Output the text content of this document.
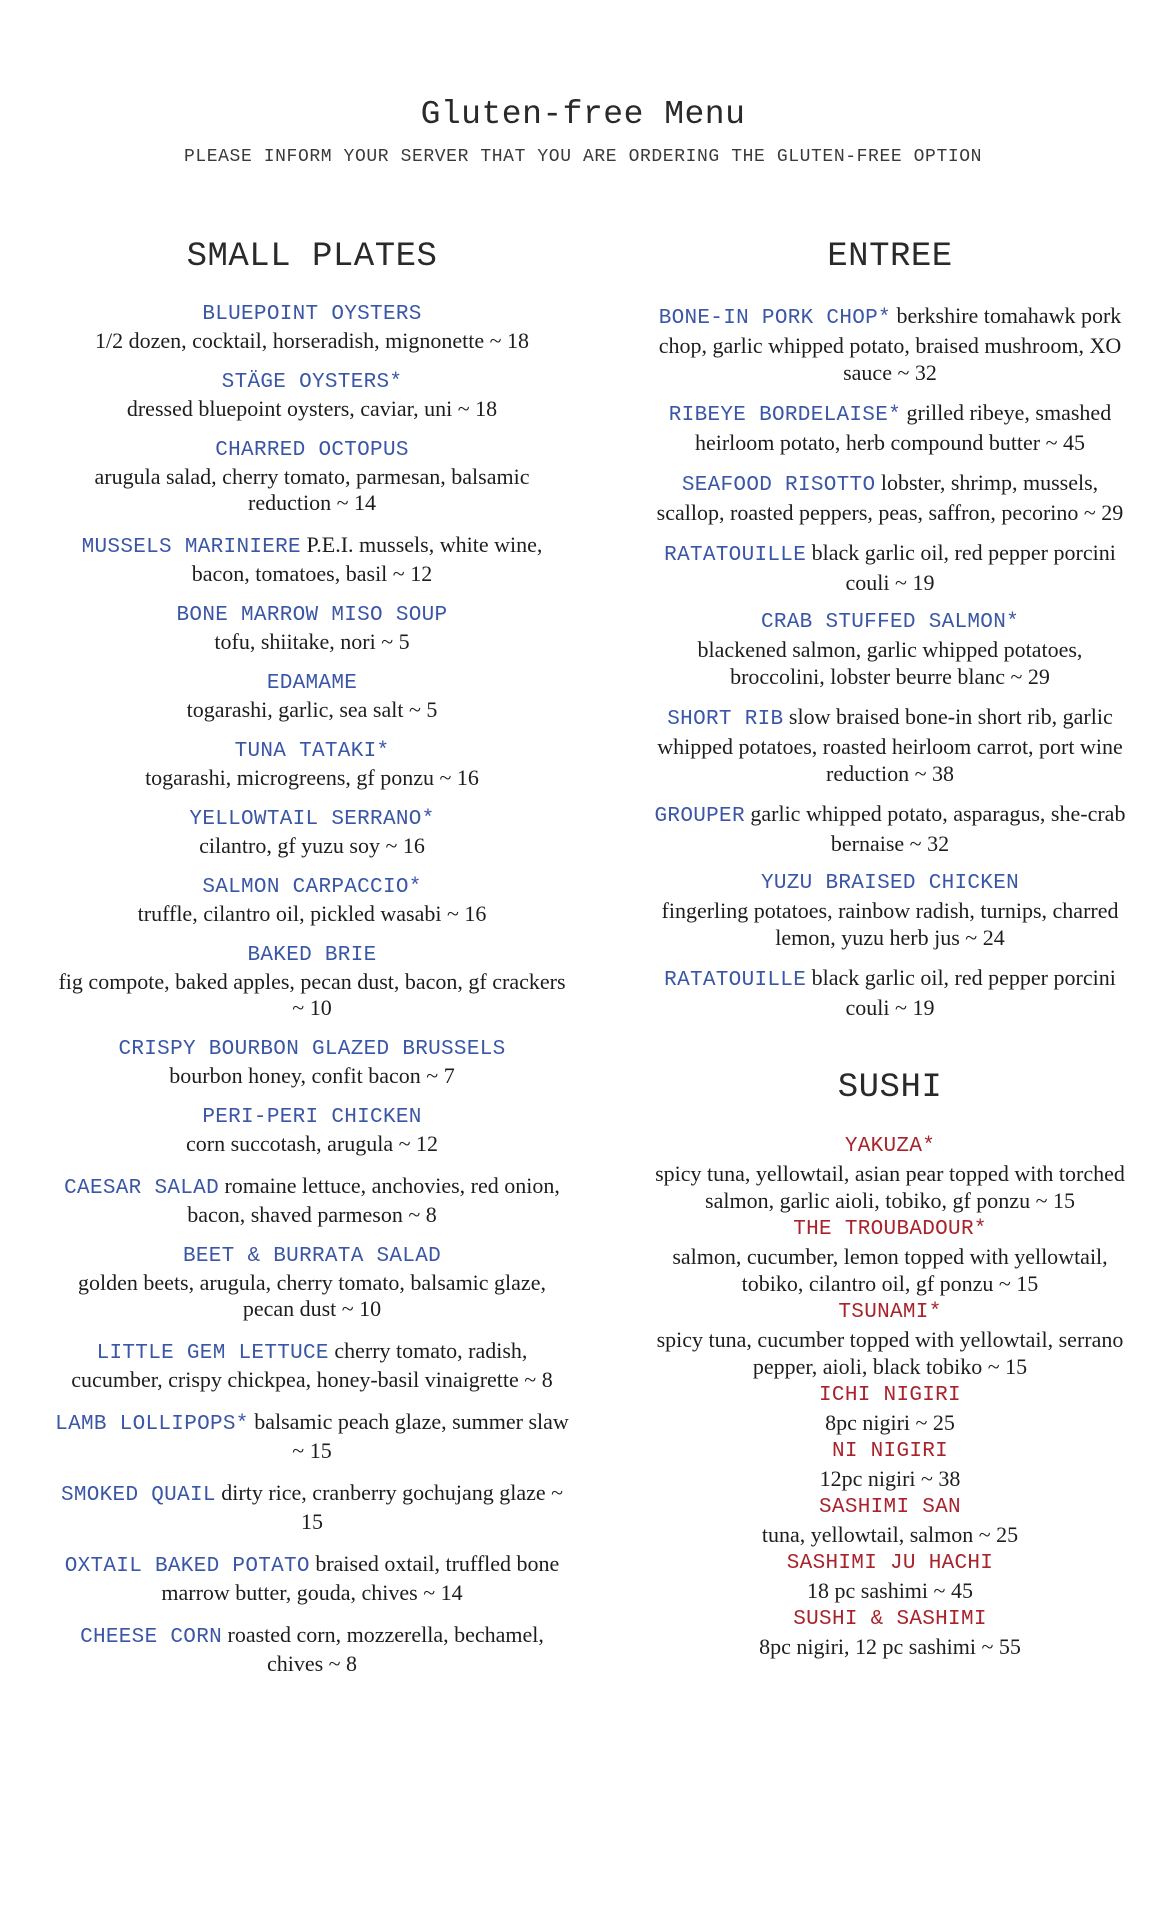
Gluten-free Menu
PLEASE INFORM YOUR SERVER THAT YOU ARE ORDERING THE GLUTEN-FREE OPTION
SMALL PLATES
BLUEPOINT OYSTERS
1/2 dozen, cocktail, horseradish, mignonette ~ 18
STÄGE OYSTERS*
dressed bluepoint oysters, caviar, uni ~ 18
CHARRED OCTOPUS
arugula salad, cherry tomato, parmesan, balsamic reduction ~ 14
MUSSELS MARINIERE P.E.I. mussels, white wine, bacon, tomatoes, basil ~ 12
BONE MARROW MISO SOUP
tofu, shiitake, nori ~ 5
EDAMAME
togarashi, garlic, sea salt ~ 5
TUNA TATAKI*
togarashi, microgreens, gf ponzu ~ 16
YELLOWTAIL SERRANO*
cilantro, gf yuzu soy ~ 16
SALMON CARPACCIO*
truffle, cilantro oil, pickled wasabi ~ 16
BAKED BRIE
fig compote, baked apples, pecan dust, bacon, gf crackers ~ 10
CRISPY BOURBON GLAZED BRUSSELS
bourbon honey, confit bacon ~ 7
PERI-PERI CHICKEN
corn succotash, arugula ~ 12
CAESAR SALAD romaine lettuce, anchovies, red onion, bacon, shaved parmeson ~ 8
BEET & BURRATA SALAD
golden beets, arugula, cherry tomato, balsamic glaze, pecan dust ~ 10
LITTLE GEM LETTUCE cherry tomato, radish, cucumber, crispy chickpea, honey-basil vinaigrette ~ 8
LAMB LOLLIPOPS* balsamic peach glaze, summer slaw ~ 15
SMOKED QUAIL dirty rice, cranberry gochujang glaze ~ 15
OXTAIL BAKED POTATO braised oxtail, truffled bone marrow butter, gouda, chives ~ 14
CHEESE CORN roasted corn, mozzerella, bechamel, chives ~ 8
ENTREE
BONE-IN PORK CHOP* berkshire tomahawk pork chop, garlic whipped potato, braised mushroom, XO sauce ~ 32
RIBEYE BORDELAISE* grilled ribeye, smashed heirloom potato, herb compound butter ~ 45
SEAFOOD RISOTTO lobster, shrimp, mussels, scallop, roasted peppers, peas, saffron, pecorino ~ 29
RATATOUILLE black garlic oil, red pepper porcini couli ~ 19
CRAB STUFFED SALMON*
blackened salmon, garlic whipped potatoes, broccolini, lobster beurre blanc ~ 29
SHORT RIB slow braised bone-in short rib, garlic whipped potatoes, roasted heirloom carrot, port wine reduction ~ 38
GROUPER garlic whipped potato, asparagus, she-crab bernaise ~ 32
YUZU BRAISED CHICKEN
fingerling potatoes, rainbow radish, turnips, charred lemon, yuzu herb jus ~ 24
RATATOUILLE black garlic oil, red pepper porcini couli ~ 19
SUSHI
YAKUZA*
spicy tuna, yellowtail, asian pear topped with torched salmon, garlic aioli, tobiko, gf ponzu ~ 15
THE TROUBADOUR*
salmon, cucumber, lemon topped with yellowtail, tobiko, cilantro oil, gf ponzu ~ 15
TSUNAMI*
spicy tuna, cucumber topped with yellowtail, serrano pepper, aioli, black tobiko ~ 15
ICHI NIGIRI
8pc nigiri ~ 25
NI NIGIRI
12pc nigiri ~ 38
SASHIMI SAN
tuna, yellowtail, salmon ~ 25
SASHIMI JU HACHI
18 pc sashimi ~ 45
SUSHI & SASHIMI
8pc nigiri, 12 pc sashimi ~ 55
